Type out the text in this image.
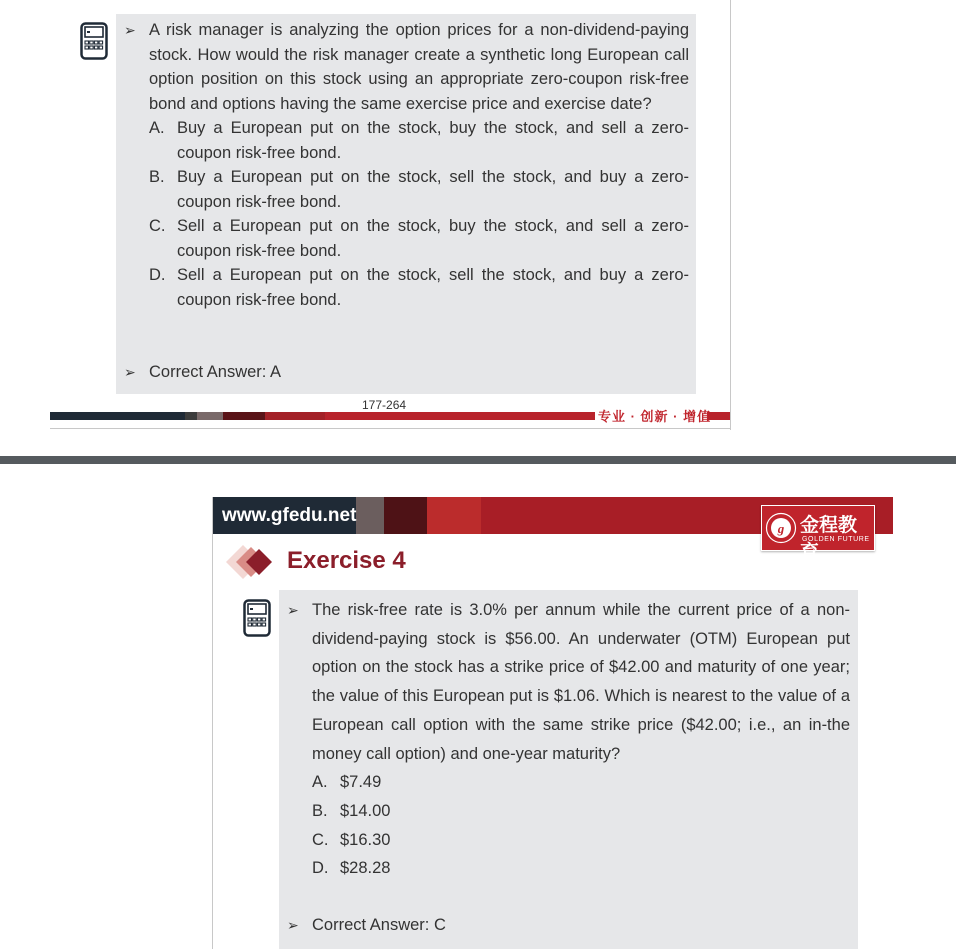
➢ A risk manager is analyzing the option prices for a non-dividend-paying stock. How would the risk manager create a synthetic long European call option position on this stock using an appropriate zero-coupon risk-free bond and options having the same exercise price and exercise date?
A. Buy a European put on the stock, buy the stock, and sell a zero-coupon risk-free bond.
B. Buy a European put on the stock, sell the stock, and buy a zero-coupon risk-free bond.
C. Sell a European put on the stock, buy the stock, and sell a zero-coupon risk-free bond.
D. Sell a European put on the stock, sell the stock, and buy a zero-coupon risk-free bond.
➢ Correct Answer: A
177-264
专业 · 创新 · 增值
www.gfedu.net
g 金程教育
GOLDEN FUTURE
Exercise 4
➢ The risk-free rate is 3.0% per annum while the current price of a non-dividend-paying stock is $56.00. An underwater (OTM) European put option on the stock has a strike price of $42.00 and maturity of one year; the value of this European put is $1.06. Which is nearest to the value of a European call option with the same strike price ($42.00; i.e., an in-the money call option) and one-year maturity?
A. $7.49
B. $14.00
C. $16.30
D. $28.28
➢ Correct Answer: C
